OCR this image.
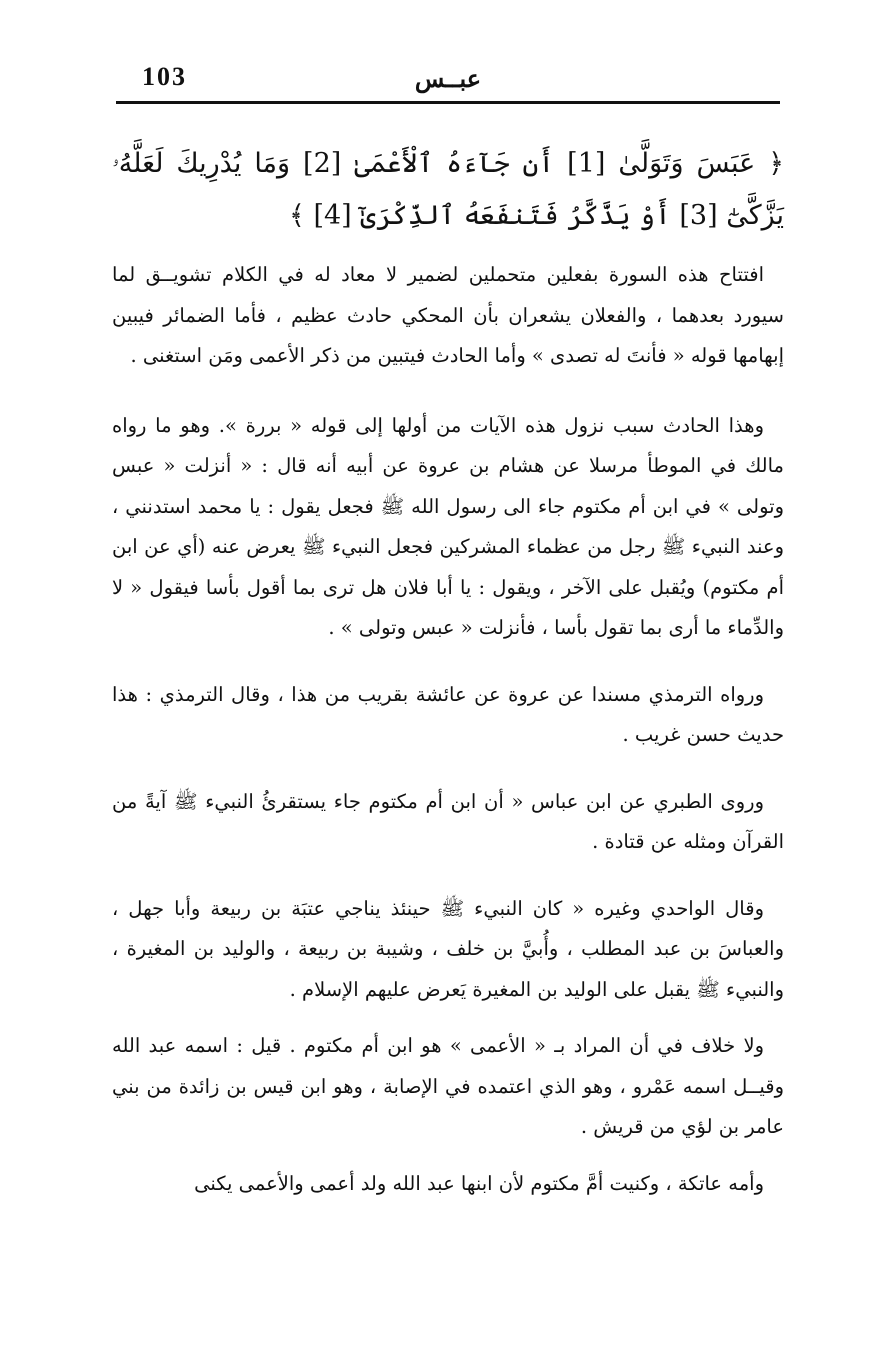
103	عبــس
﴿ عَبَسَ وَتَوَلَّىٰ [1] أَن جَآءَهُ ٱلْأَعْمَىٰ [2] وَمَا يُدْرِيكَ لَعَلَّهُۥ يَزَّكَّىٰٓ [3] أَوْ يَذَّكَّرُ فَتَنفَعَهُ ٱلذِّكْرَىٰٓ [4] ﴾

افتتاح هذه السورة بفعلين متحملين لضمير لا معاد له في الكلام تشويــق لما سيورد بعدهما ، والفعلان يشعران بأن المحكي حادث عظيم ، فأما الضمائر فيبين إبهامها قوله « فأنتَ له تصدى » وأما الحادث فيتبين من ذكر الأعمى ومَن استغنى .

وهذا الحادث سبب نزول هذه الآيات من أولها إلى قوله « بررة ». وهو ما رواه مالك في الموطأ مرسلا عن هشام بن عروة عن أبيه أنه قال : « أنزلت « عبس وتولى » في ابن أم مكتوم جاء الى رسول الله ﷺ فجعل يقول : يا محمد استدنني ، وعند النبيء ﷺ رجل من عظماء المشركين فجعل النبيء ﷺ يعرض عنه (أي عن ابن أم مكتوم) ويُقبل على الآخر ، ويقول : يا أبا فلان هل ترى بما أقول بأسا فيقول « لا والدِّماء ما أرى بما تقول بأسا ، فأنزلت « عبس وتولى » .

ورواه الترمذي مسندا عن عروة عن عائشة بقريب من هذا ، وقال الترمذي : هذا حديث حسن غريب .

وروى الطبري عن ابن عباس « أن ابن أم مكتوم جاء يستقرئُ النبيء ﷺ آيةً من القرآن ومثله عن قتادة .

وقال الواحدي وغيره « كان النبيء ﷺ حينئذ يناجي عتبَة بن ربيعة وأبا جهل ، والعباسَ بن عبد المطلب ، وأُبيَّ بن خلف ، وشيبة بن ربيعة ، والوليد بن المغيرة ، والنبيء ﷺ يقبل على الوليد بن المغيرة يَعرض عليهم الإسلام .

ولا خلاف في أن المراد بـ « الأعمى » هو ابن أم مكتوم . قيل : اسمه عبد الله وقيــل اسمه عَمْرو ، وهو الذي اعتمده في الإصابة ، وهو ابن قيس بن زائدة من بني عامر بن لؤي من قريش .

وأمه عاتكة ، وكنيت أمَّ مكتوم لأن ابنها عبد الله ولد أعمى والأعمى يكنى
